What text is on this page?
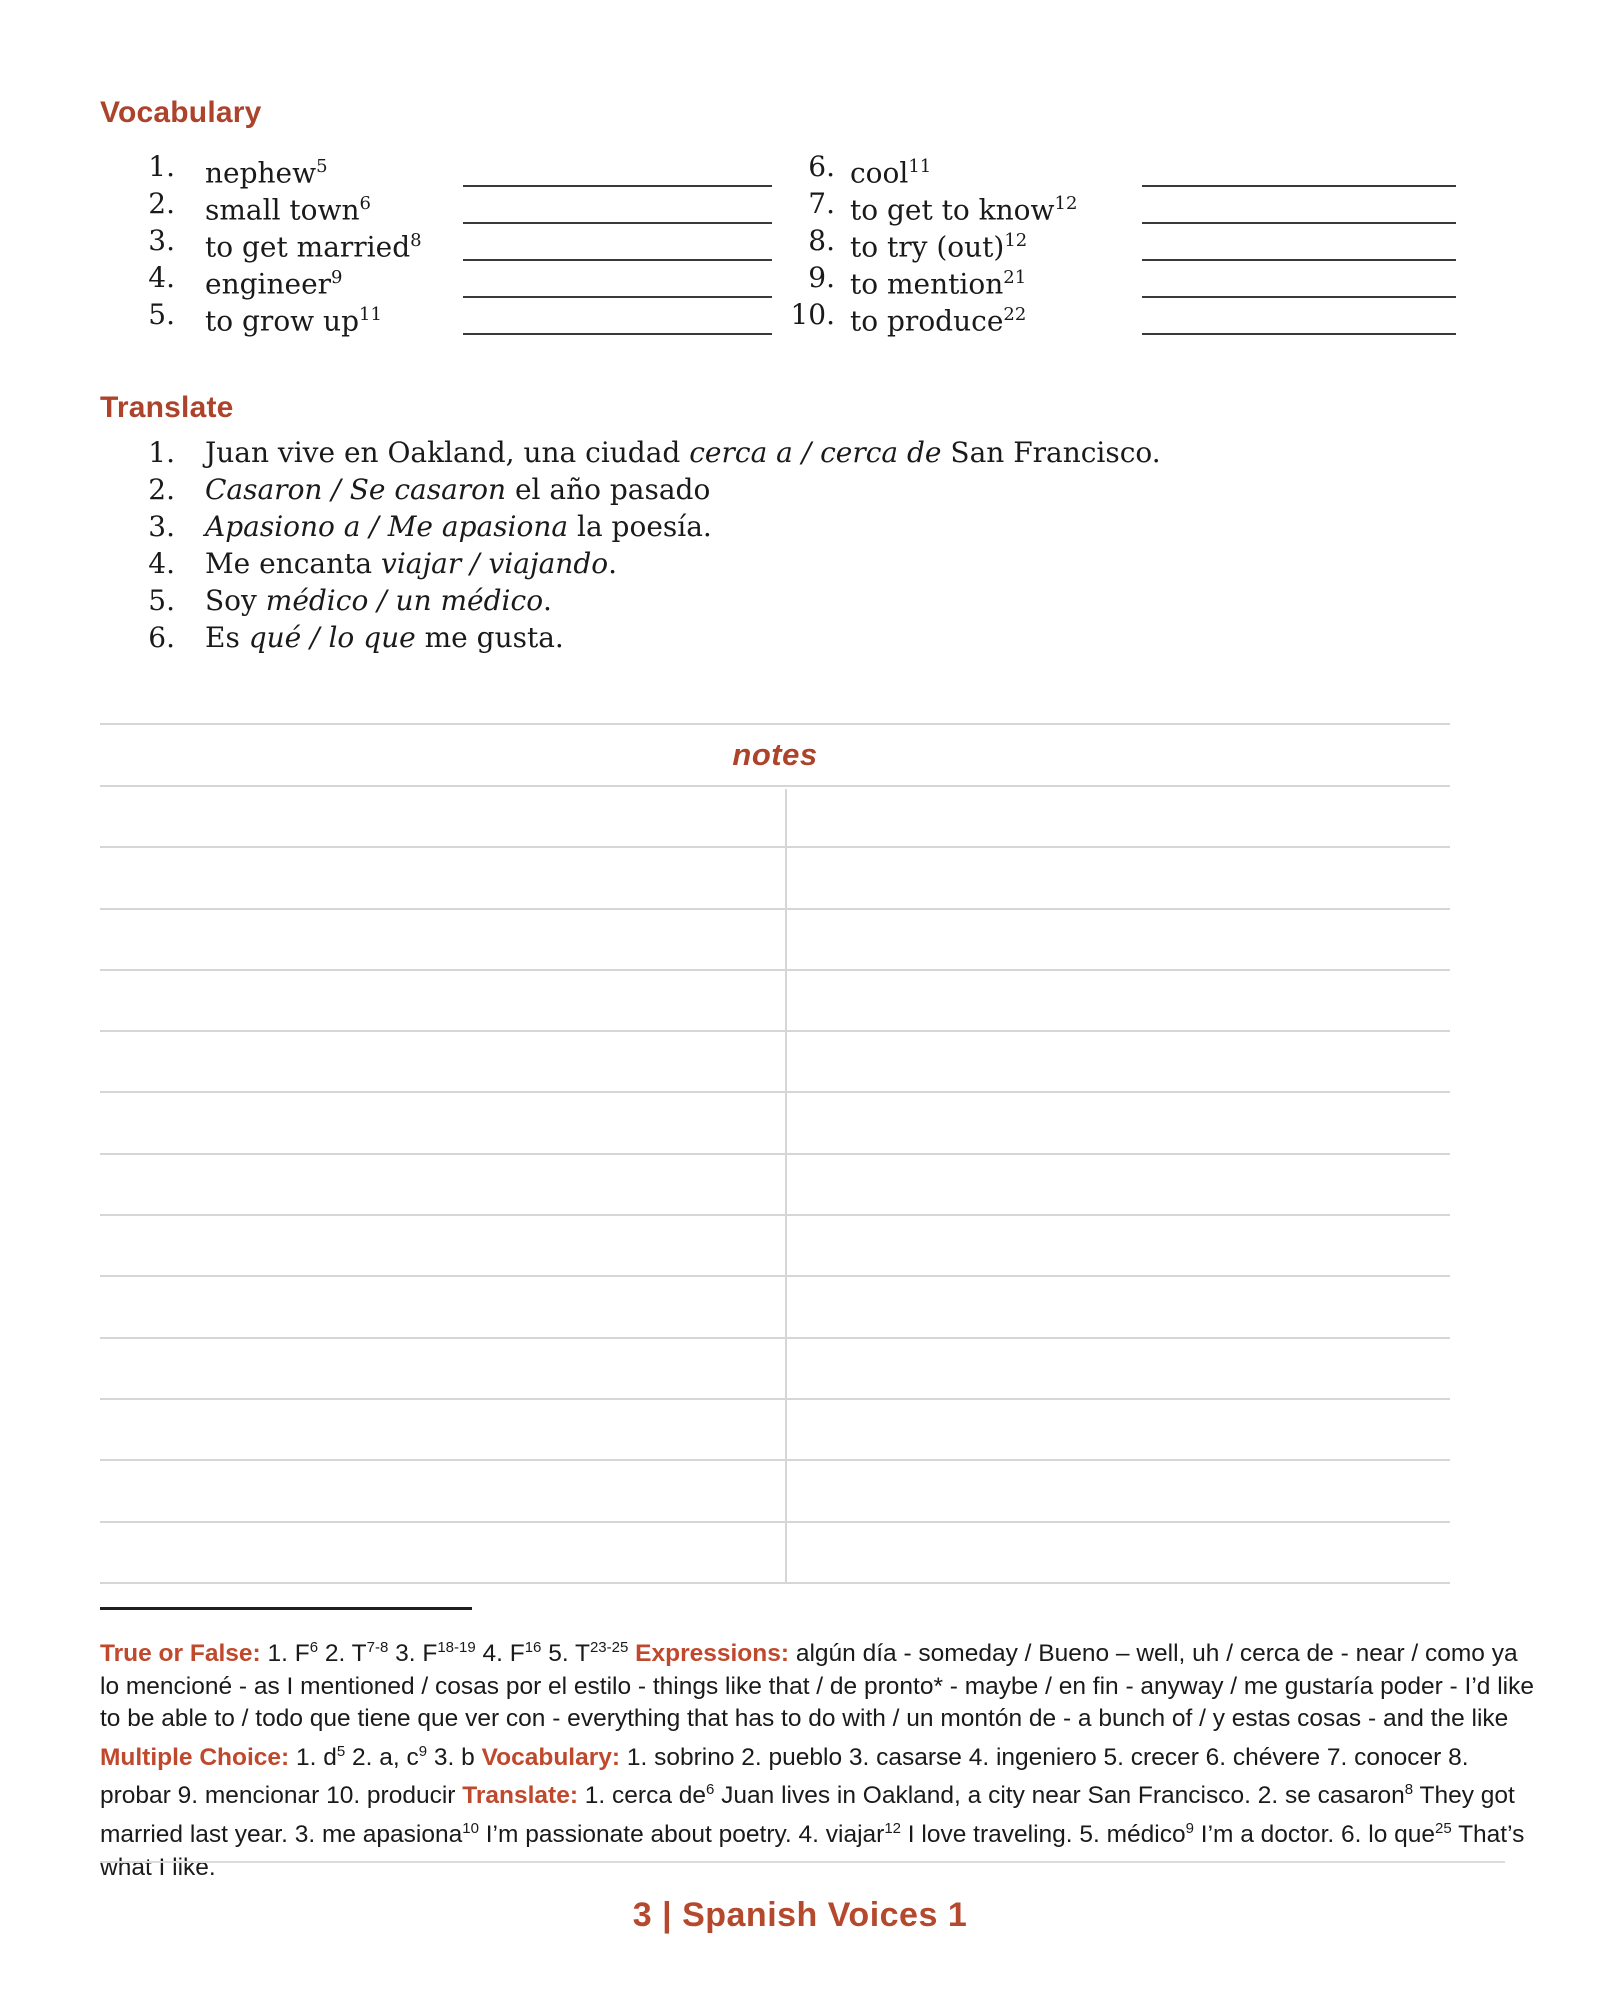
Vocabulary
1. nephew$^5$
2. small town$^6$
3. to get married$^8$
4. engineer$^9$
5. to grow $up^{11}$
6. cool$^{11}$
7. to get to know$^{12}$
8. to try (out)$^{12}$
9. to mention$^{21}$
10. to produce$^{22}$
Translate
1. Juan vive en Oakland, una ciudad cerca a / cerca de San Francisco.
2. Casaron / Se casaron el año pasado
3. Apasiono a / Me apasiona la poesía.
4. Me encanta viajar / viajando.
5. Soy médico / un médico.
6. Es qué / lo que me gusta.
notes

True or False: 1. $F^6$ 2. $T^{7-8}$ 3. $F^{18-19}$ 4. $F^{16}$ 5. $T^{23-25}$ Expressions: algún día - someday / Bueno – well, uh / cerca de - near / como ya lo mencioné - as I mentioned / cosas por el estilo - things like that / de pronto* - maybe / en fin - anyway / me gustaría poder - I’d like to be able to / todo que tiene que ver con - everything that has to do with / un montón de - a bunch of / y estas cosas - and the like Multiple Choice: 1. $d^5$ 2. a, $c^9$ 3. b Vocabulary: 1. sobrino 2. pueblo 3. casarse 4. ingeniero 5. crecer 6. chévere 7. conocer 8. probar 9. mencionar 10. producir Translate: 1. cerca $de^6$ Juan lives in Oakland, a city near San Francisco. 2. se casaron$^8$ They got married last year. 3. me apasiona$^{10}$ I’m passionate about poetry. 4. viajar$^{12}$ I love traveling. 5. médico$^9$ I’m a doctor. 6. lo que$^{25}$ That’s what I like.

3 | Spanish Voices 1
